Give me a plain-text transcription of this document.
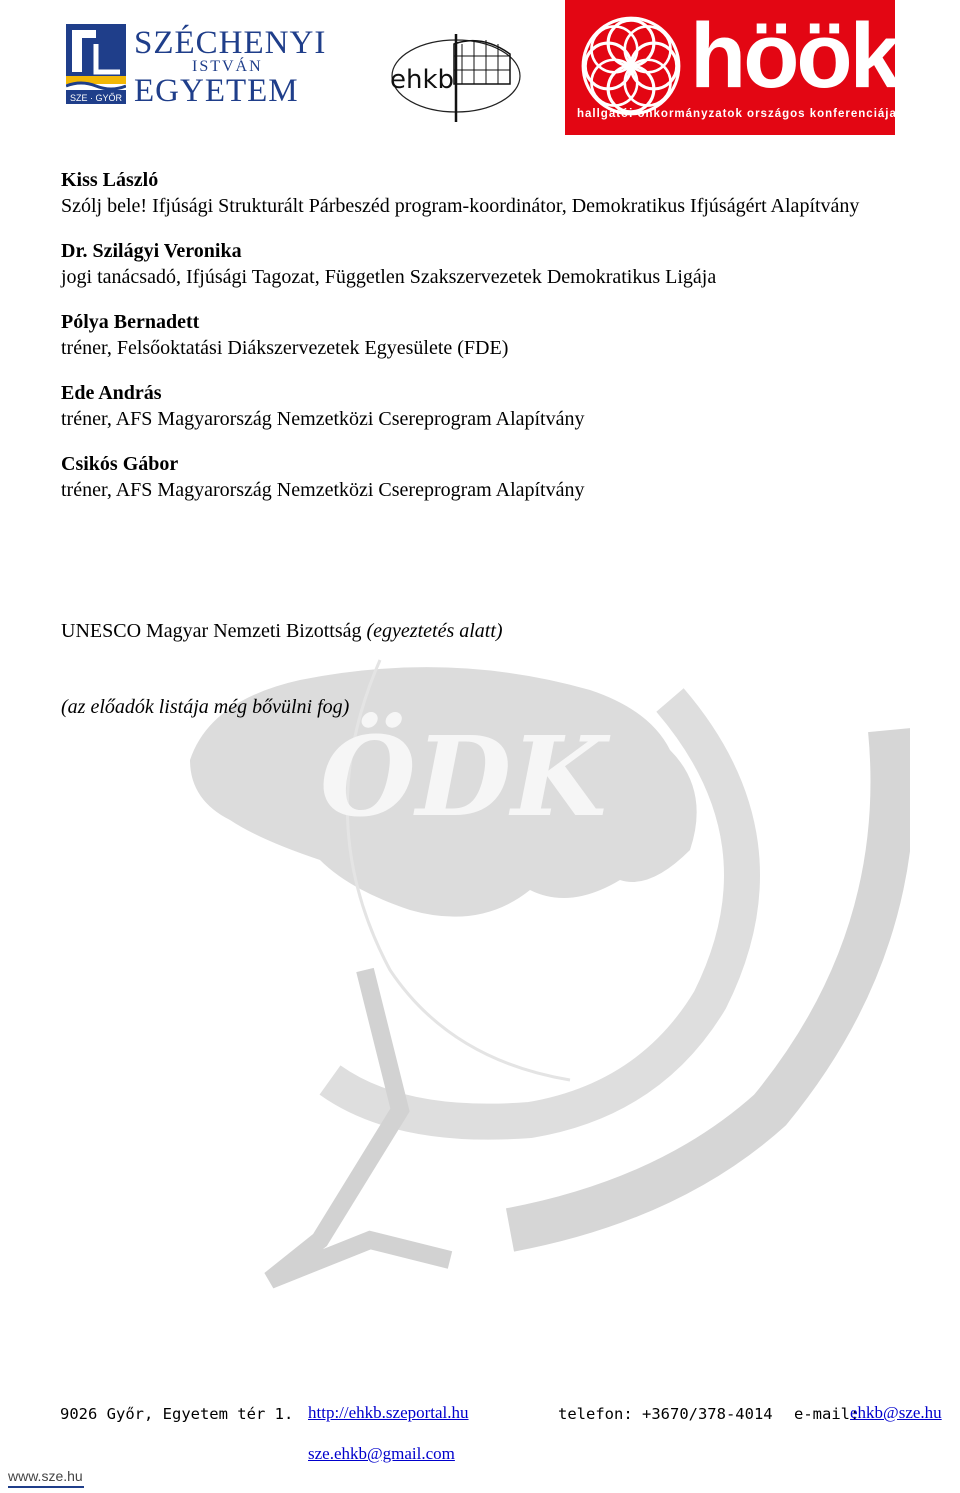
SZE · GYŐR
SZÉCHENYI
ISTVÁN
EGYETEM	ehkb	höök
hallgatói önkormányzatok országos konferenciája
ÖDK
Kiss László
Szólj bele! Ifjúsági Strukturált Párbeszéd program-koordinátor, Demokratikus Ifjúságért Alapítvány
Dr. Szilágyi Veronika
jogi tanácsadó, Ifjúsági Tagozat, Független Szakszervezetek Demokratikus Ligája
Pólya Bernadett
tréner, Felsőoktatási Diákszervezetek Egyesülete (FDE)
Ede András
tréner, AFS Magyarország Nemzetközi Csereprogram Alapítvány
Csikós Gábor
tréner, AFS Magyarország Nemzetközi Csereprogram Alapítvány
UNESCO Magyar Nemzeti Bizottság (egyeztetés alatt)
(az előadók listája még bővülni fog)
9026 Győr, Egyetem tér 1. http://ehkb.szeportal.hu	telefon: +3670/378-4014 e-mail:
ehkb@sze.hu
sze.ehkb@gmail.com
www.sze.hu
